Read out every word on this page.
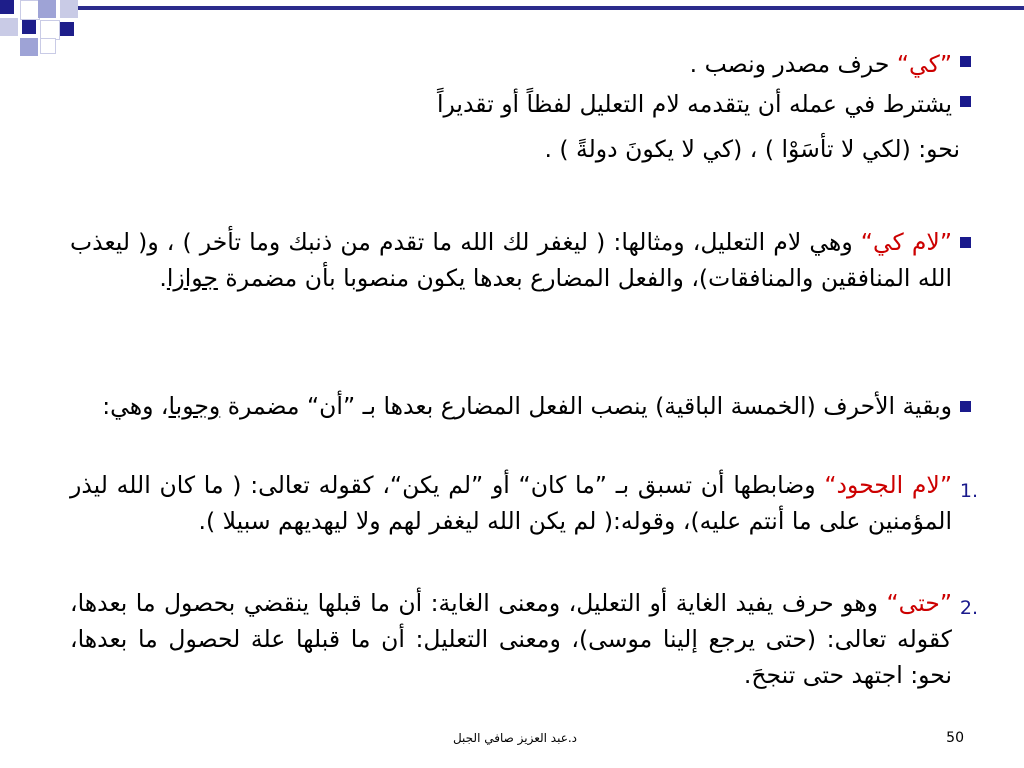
”كي“ حرف مصدر ونصب .
يشترط في عمله أن يتقدمه لام التعليل لفظاً أو تقديراً
نحو: (لكي لا تأسَوْا ) ، (كي لا يكونَ دولةً ) .
”لام كي“ وهي لام التعليل، ومثالها: ( ليغفر لك الله ما تقدم من ذنبك وما تأخر ) ، و( ليعذب الله المنافقين والمنافقات)، والفعل المضارع بعدها يكون منصوبا بأن مضمرة جوازا.
وبقية الأحرف (الخمسة الباقية) ينصب الفعل المضارع بعدها بـ ”أن“ مضمرة وجوبا، وهي:
1.
”لام الجحود“ وضابطها أن تسبق بـ ”ما كان“ أو ”لم يكن“، كقوله تعالى: ( ما كان الله ليذر المؤمنين على ما أنتم عليه)، وقوله:( لم يكن الله ليغفر لهم ولا ليهديهم سبيلا ).
2.
”حتى“ وهو حرف يفيد الغاية أو التعليل، ومعنى الغاية: أن ما قبلها ينقضي بحصول ما بعدها، كقوله تعالى: (حتى يرجع إلينا موسى)، ومعنى التعليل: أن ما قبلها علة لحصول ما بعدها، نحو: اجتهد حتى تنجحَ.
د.عبد العزيز صافي الجبل	50
